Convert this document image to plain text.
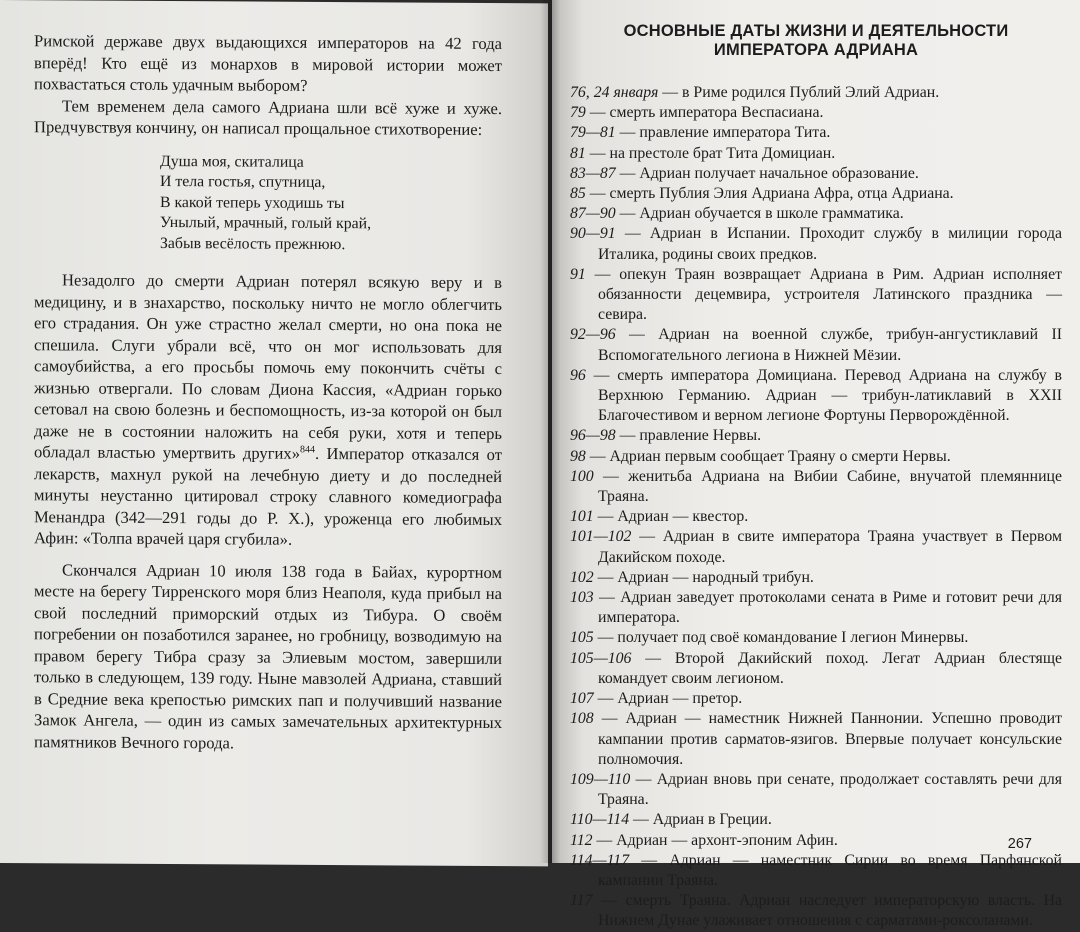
Римской державе двух выдающихся императоров на 42 года вперёд! Кто ещё из монархов в мировой истории может похвастаться столь удачным выбором?

Тем временем дела самого Адриана шли всё хуже и хуже. Предчувствуя кончину, он написал прощальное стихотворение:

Душа моя, скиталица
И тела гостья, спутница,
В какой теперь уходишь ты
Унылый, мрачный, голый край,
Забыв весёлость прежнюю.

Незадолго до смерти Адриан потерял всякую веру и в медицину, и в знахарство, поскольку ничто не могло облегчить его страдания. Он уже страстно желал смерти, но она пока не спешила. Слуги убрали всё, что он мог использовать для самоубийства, а его просьбы помочь ему покончить счёты с жизнью отвергали. По словам Диона Кассия, «Адриан горько сетовал на свою болезнь и беспомощность, из-за которой он был даже не в состоянии наложить на себя руки, хотя и теперь обладал властью умертвить других»$^{844}$. Император отказался от лекарств, махнул рукой на лечебную диету и до последней минуты неустанно цитировал строку славного комедиографа Менандра (342—291 годы до Р. Х.), уроженца его любимых Афин: «Толпа врачей царя сгубила».

Скончался Адриан 10 июля 138 года в Байах, курортном месте на берегу Тирренского моря близ Неаполя, куда прибыл на свой последний приморский отдых из Тибура. О своём погребении он позаботился заранее, но гробницу, возводимую на правом берегу Тибра сразу за Элиевым мостом, завершили только в следующем, 139 году. Ныне мавзолей Адриана, ставший в Средние века крепостью римских пап и получивший название Замок Ангела, — один из самых замечательных архитектурных памятников Вечного города.

ОСНОВНЫЕ ДАТЫ ЖИЗНИ И ДЕЯТЕЛЬНОСТИ
ИМПЕРАТОРА АДРИАНА
76, 24 января — в Риме родился Публий Элий Адриан.
79 — смерть императора Веспасиана.
79—81 — правление императора Тита.
81 — на престоле брат Тита Домициан.
83—87 — Адриан получает начальное образование.
85 — смерть Публия Элия Адриана Афра, отца Адриана.
87—90 — Адриан обучается в школе грамматика.
90—91 — Адриан в Испании. Проходит службу в милиции города Италика, родины своих предков.
91 — опекун Траян возвращает Адриана в Рим. Адриан исполняет обязанности децемвира, устроителя Латинского праздника — севира.
92—96 — Адриан на военной службе, трибун-ангустиклавий II Вспомогательного легиона в Нижней Мёзии.
96 — смерть императора Домициана. Перевод Адриана на службу в Верхнюю Германию. Адриан — трибун-латиклавий в XXII Благочестивом и верном легионе Фортуны Перворождённой.
96—98 — правление Нервы.
98 — Адриан первым сообщает Траяну о смерти Нервы.
100 — женитьба Адриана на Вибии Сабине, внучатой племяннице Траяна.
101 — Адриан — квестор.
101—102 — Адриан в свите императора Траяна участвует в Первом Дакийском походе.
102 — Адриан — народный трибун.
103 — Адриан заведует протоколами сената в Риме и готовит речи для императора.
105 — получает под своё командование I легион Минервы.
105—106 — Второй Дакийский поход. Легат Адриан блестяще командует своим легионом.
107 — Адриан — претор.
108 — Адриан — наместник Нижней Паннонии. Успешно проводит кампании против сарматов-язигов. Впервые получает консульские полномочия.
109—110 — Адриан вновь при сенате, продолжает составлять речи для Траяна.
110—114 — Адриан в Греции.
112 — Адриан — архонт-эпоним Афин.
114—117 — Адриан — наместник Сирии во время Парфянской кампании Траяна.
117 — смерть Траяна. Адриан наследует императорскую власть. На Нижнем Дунае улаживает отношения с сарматами-роксоланами.
267
